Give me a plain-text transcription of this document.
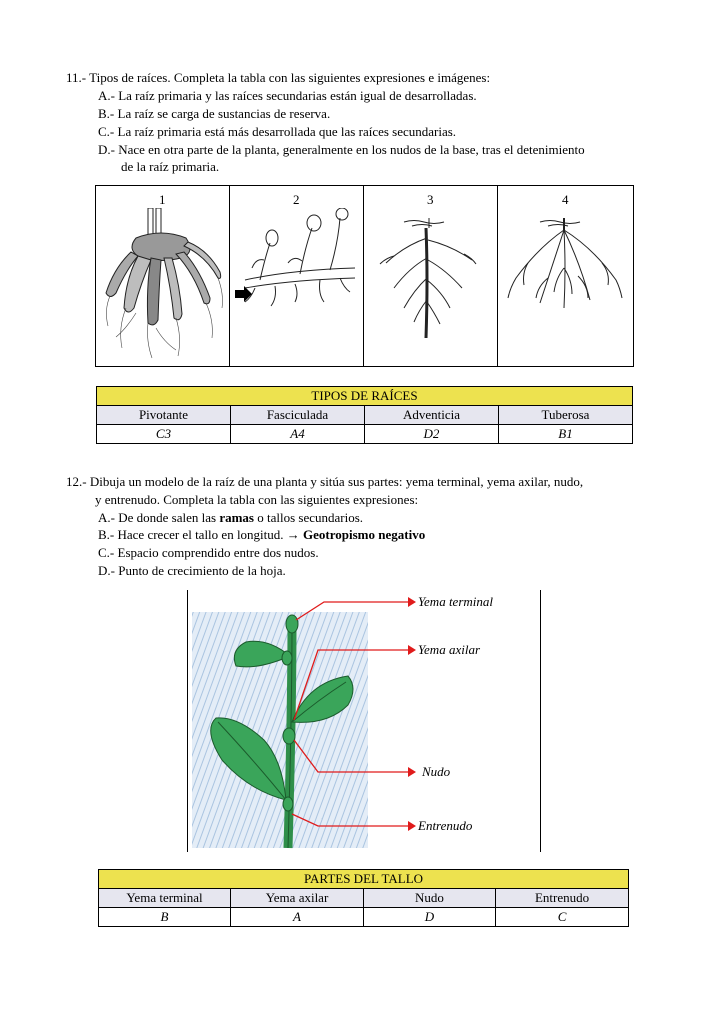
11.- Tipos de raíces. Completa la tabla con las siguientes expresiones e imágenes:
A.- La raíz primaria y las raíces secundarias están igual de desarrolladas.
B.- La raíz se carga de sustancias de reserva.
C.- La raíz primaria está más desarrollada que las raíces secundarias.
D.- Nace en otra parte de la planta, generalmente en los nudos de la base, tras el detenimiento
de la raíz primaria.
1	2	3	4
TIPOS DE RAÍCES			
Pivotante	Fasciculada	Adventicia	Tuberosa
C3	A4	D2	B1
12.- Dibuja un modelo de la raíz de una planta y sitúa sus partes: yema terminal, yema axilar, nudo,
y entrenudo. Completa la tabla con las siguientes expresiones:
A.- De donde salen las ramas o tallos secundarios.
B.- Hace crecer el tallo en longitud. → Geotropismo negativo
C.- Espacio comprendido entre dos nudos.
D.- Punto de crecimiento de la hoja.
Yema terminal
Yema axilar
Nudo
Entrenudo
PARTES DEL TALLO			
Yema terminal	Yema axilar	Nudo	Entrenudo
B	A	D	C
